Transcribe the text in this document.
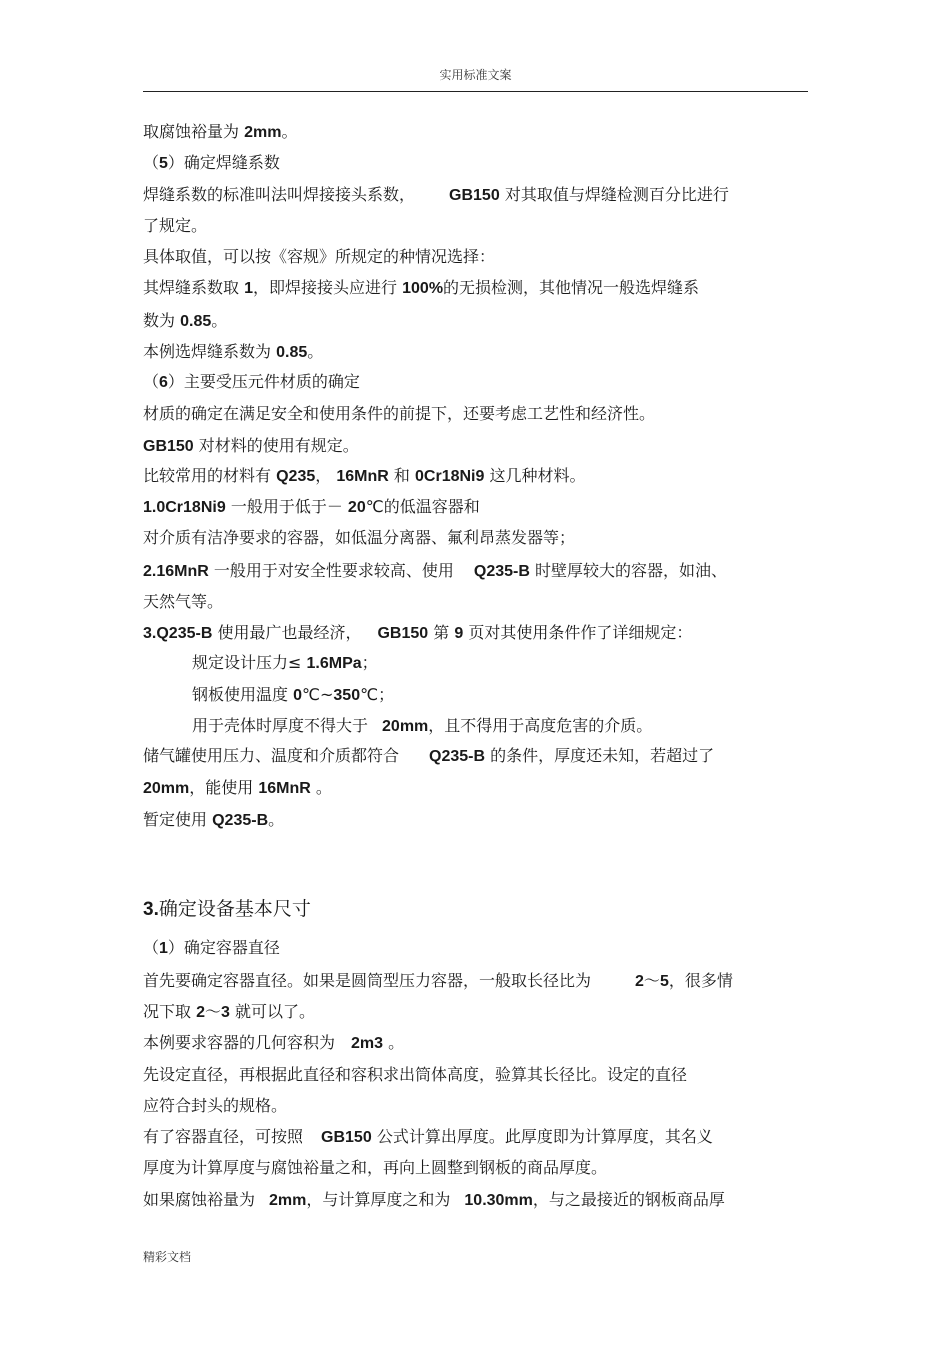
实用标准文案
取腐蚀裕量为 2mm。
（5）确定焊缝系数
焊缝系数的标准叫法叫焊接接头系数， GB150 对其取值与焊缝检测百分比进行
了规定。
具体取值，可以按《容规》所规定的种情况选择：
其焊缝系数取 1，即焊接接头应进行 100%的无损检测，其他情况一般选焊缝系
数为 0.85。
本例选焊缝系数为 0.85。
（6）主要受压元件材质的确定
材质的确定在满足安全和使用条件的前提下，还要考虑工艺性和经济性。
GB150 对材料的使用有规定。
比较常用的材料有 Q235， 16MnR 和 0Cr18Ni9 这几种材料。
1.0Cr18Ni9 一般用于低于－ 20℃的低温容器和
对介质有洁净要求的容器，如低温分离器、氟利昂蒸发器等；
2.16MnR 一般用于对安全性要求较高、使用 Q235-B 时壁厚较大的容器，如油、
天然气等。
3.Q235-B 使用最广也最经济， GB150 第 9 页对其使用条件作了详细规定：
规定设计压力≤ 1.6MPa；
钢板使用温度 0℃~350℃；
用于壳体时厚度不得大于 20mm，且不得用于高度危害的介质。
储气罐使用压力、温度和介质都符合 Q235-B 的条件，厚度还未知，若超过了
20mm，能使用 16MnR 。
暂定使用 Q235-B。
3.确定设备基本尺寸
（1）确定容器直径
首先要确定容器直径。如果是圆筒型压力容器，一般取长径比为	2～5，很多情
况下取 2～3 就可以了。
本例要求容器的几何容积为 2m3 。
先设定直径，再根据此直径和容积求出筒体高度，验算其长径比。设定的直径
应符合封头的规格。
有了容器直径，可按照 GB150 公式计算出厚度。此厚度即为计算厚度，其名义
厚度为计算厚度与腐蚀裕量之和，再向上圆整到钢板的商品厚度。
如果腐蚀裕量为 2mm，与计算厚度之和为 10.30mm，与之最接近的钢板商品厚
精彩文档
